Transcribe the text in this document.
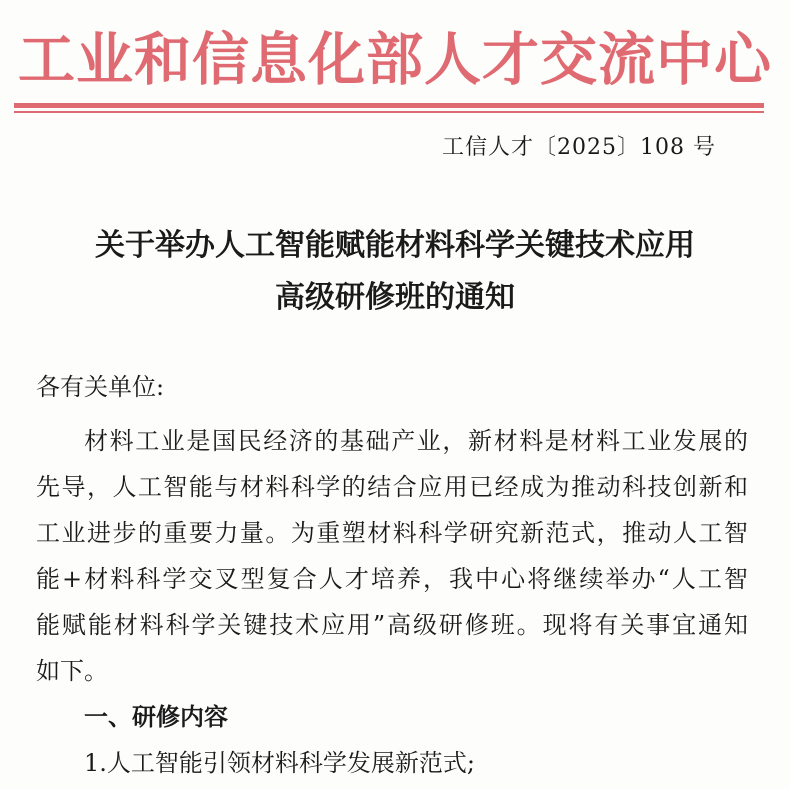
工业和信息化部人才交流中心
工信人才〔2025〕108 号
关于举办人工智能赋能材料科学关键技术应用
高级研修班的通知
各有关单位:
材料工业是国民经济的基础产业，新材料是材料工业发展的
先导，人工智能与材料科学的结合应用已经成为推动科技创新和
工业进步的重要力量。为重塑材料科学研究新范式，推动人工智
能+材料科学交叉型复合人才培养，我中心将继续举办“人工智
能赋能材料科学关键技术应用”高级研修班。现将有关事宜通知
如下。
一、研修内容
1.人工智能引领材料科学发展新范式;
